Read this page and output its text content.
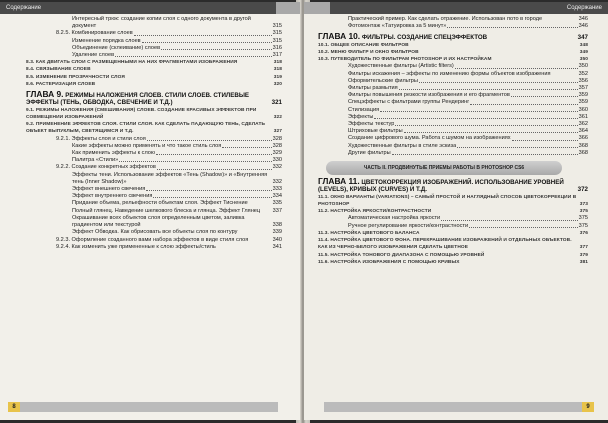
Содержание
Интересный трюк: создание копии слоя с одного документа в другой документ	315
8.2.5. Комбинирование слоев	315
Изменение порядка слоев	315
Объединение (склеивание) слоев	316
Удаление слоев	317
8.3. КАК ДВИГАТЬ СЛОИ С РАЗМЕЩЕННЫМИ НА НИХ ФРАГМЕНТАМИ ИЗОБРАЖЕНИЯ	318
8.4. СВЯЗЫВАНИЕ СЛОЕВ	318
8.5. ИЗМЕНЕНИЕ ПРОЗРАЧНОСТИ СЛОЯ	319
8.6. РАСТЕРИЗАЦИЯ СЛОЕВ	320
ГЛАВА 9. РЕЖИМЫ НАЛОЖЕНИЯ СЛОЕВ. СТИЛИ СЛОЕВ. СТИЛЕВЫЕ ЭФФЕКТЫ (ТЕНЬ, ОБВОДКА, СВЕЧЕНИЕ И Т.Д.)	321
9.1. РЕЖИМЫ НАЛОЖЕНИЯ (СМЕШИВАНИЯ) СЛОЕВ. СОЗДАНИЕ КРАСИВЫХ ЭФФЕКТОВ ПРИ СОВМЕЩЕНИИ ИЗОБРАЖЕНИЙ	322
9.2. ПРИМЕНЕНИЕ ЭФФЕКТОВ СЛОЯ. СТИЛИ СЛОЯ. КАК СДЕЛАТЬ ПАДАЮЩУЮ ТЕНЬ, СДЕЛАТЬ ОБЪЕКТ ВЫПУКЛЫМ, СВЕТЯЩИМСЯ И Т.Д.	327
9.2.1. Эффекты слоя и стили слоя	328
Какие эффекты можно применять и что такое стиль слоя	328
Как применить эффекты к слою	329
Палитра «Стили»	330
9.2.2. Создание конкретных эффектов	332
Эффекты тени. Использование эффектов «Тень (Shadow)» и «Внутренняя тень (Inner Shadow)»	332
Эффект внешнего свечения	333
Эффект внутреннего свечения	334
Придание объема, рельефности объектам слоя. Эффект Тиснение	335
Полный глянец. Наведение шелкового блеска и глянца. Эффект Глянец	337
Окрашивание всех объектов слоя определенным цветом, заливка градиентом или текстурой	338
Эффект Обводка. Как обрисовать все объекты слоя по контуру	339
9.2.3. Оформление созданного вами набора эффектов в виде стиля слоя	340
9.2.4. Как изменить уже примененные к слою эффекты/стиль	341
8
Содержание
Практический пример. Как сделать отражение. Использован пото в городе	346
Фотомонтаж «Татуировка за 5 минут»	346
ГЛАВА 10. ФИЛЬТРЫ. СОЗДАНИЕ СПЕЦЭФФЕКТОВ	347
10.1. ОБЩЕЕ ОПИСАНИЕ ФИЛЬТРОВ	348
10.2. МЕНЮ ФИЛЬТР И ОКНО ФИЛЬТРОВ	349
10.3. ПУТЕВОДИТЕЛЬ ПО ФИЛЬТРАМ PHOTOSHOP И ИХ НАСТРОЙКАМ	350
Художественные фильтры (Artistic filters)	350
Фильтры искажения – эффекты по изменению формы объектов изображения	352
Оформительские фильтры	356
Фильтры размытия	357
Фильтры повышения резкости изображения и его фрагментов	359
Спецэффекты с фильтрами группы Рендеринг	359
Стилизация	360
Эффекты	361
Эффекты текстур	362
Штриховые фильтры	364
Создание цифрового шума. Работа с шумом на изображениях	366
Художественные фильтры в стиле эскиза	368
Другие фильтры	368
ЧАСТЬ II. ПРОДВИНУТЫЕ ПРИЕМЫ РАБОТЫ В PHOTOSHOP CS6
ГЛАВА 11. ЦВЕТОКОРРЕКЦИЯ ИЗОБРАЖЕНИЙ. ИСПОЛЬЗОВАНИЕ УРОВНЕЙ (LEVELS), КРИВЫХ (CURVES) И Т.Д.	372
11.1. ОКНО ВАРИАНТЫ (VARIATIONS) – САМЫЙ ПРОСТОЙ И НАГЛЯДНЫЙ СПОСОБ ЦВЕТОКОРРЕКЦИИ В PHOTOSHOP	373
11.2. НАСТРОЙКА ЯРКОСТИ/КОНТРАСТНОСТИ	375
Автоматическая настройка яркости	375
Ручное регулирование яркости/контрастности	375
11.3. НАСТРОЙКА ЦВЕТОВОГО БАЛАНСА	376
11.4. НАСТРОЙКА ЦВЕТОВОГО ФОНА. ПЕРЕКРАШИВАНИЕ ИЗОБРАЖЕНИЙ И ОТДЕЛЬНЫХ ОБЪЕКТОВ. КАК ИЗ ЧЕРНО-БЕЛОГО ИЗОБРАЖЕНИЯ СДЕЛАТЬ ЦВЕТНОЕ	377
11.5. НАСТРОЙКА ТОНОВОГО ДИАПАЗОНА С ПОМОЩЬЮ УРОВНЕЙ	379
11.6. НАСТРОЙКА ИЗОБРАЖЕНИЯ С ПОМОЩЬЮ КРИВЫХ	381
9
